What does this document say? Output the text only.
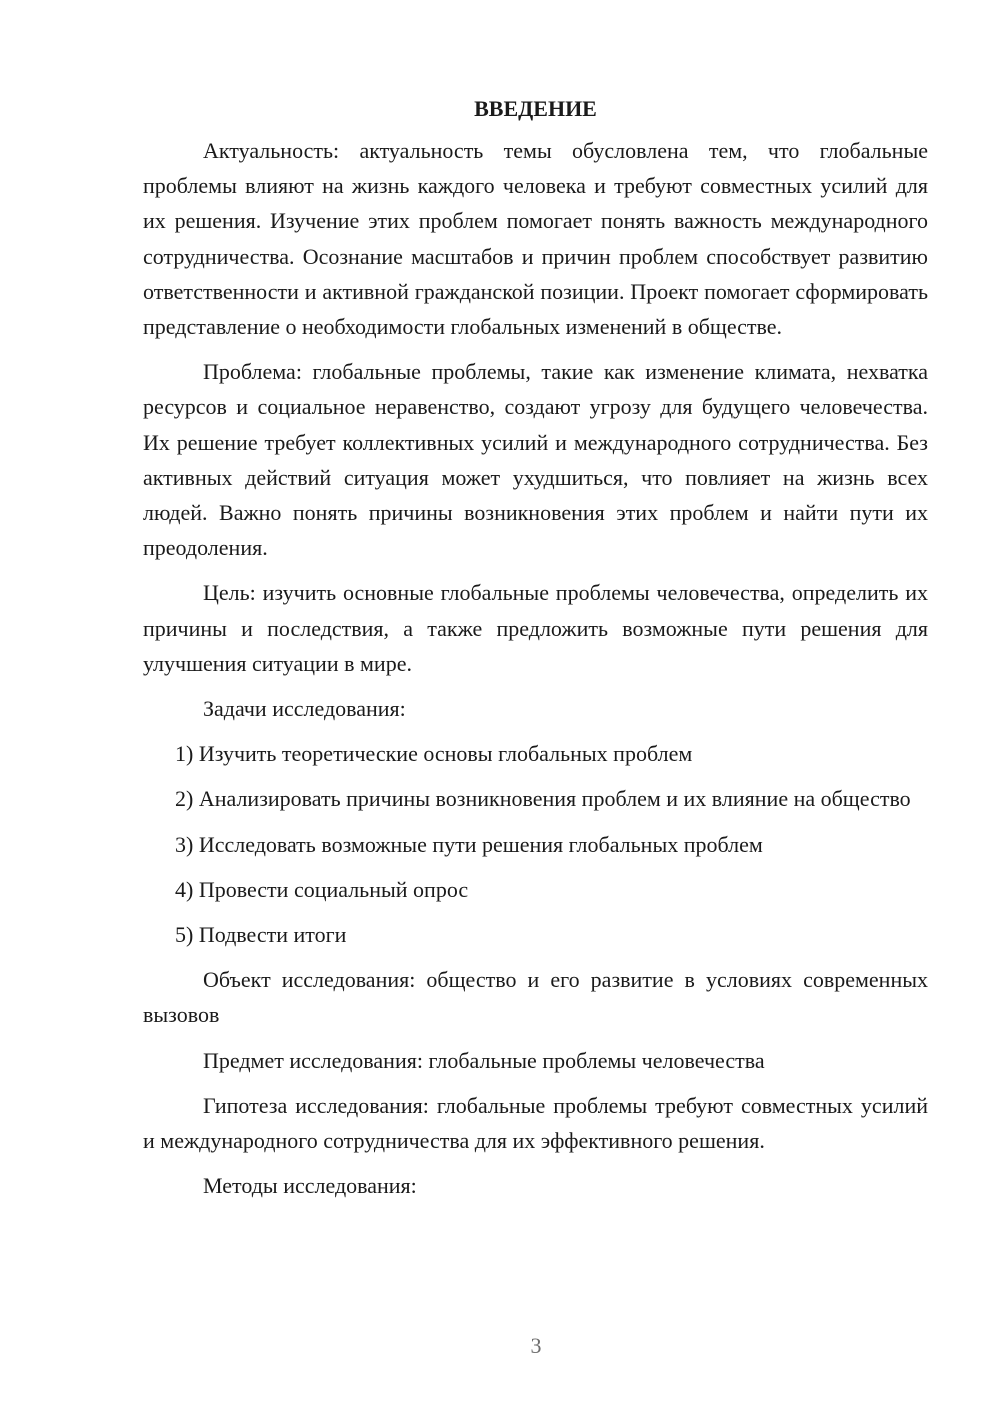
ВВЕДЕНИЕ

Актуальность: актуальность темы обусловлена тем, что глобальные проблемы влияют на жизнь каждого человека и требуют совместных усилий для их решения. Изучение этих проблем помогает понять важность международного сотрудничества. Осознание масштабов и причин проблем способствует развитию ответственности и активной гражданской позиции. Проект помогает сформировать представление о необходимости глобальных изменений в обществе.

Проблема: глобальные проблемы, такие как изменение климата, нехватка ресурсов и социальное неравенство, создают угрозу для будущего человечества. Их решение требует коллективных усилий и международного сотрудничества. Без активных действий ситуация может ухудшиться, что повлияет на жизнь всех людей. Важно понять причины возникновения этих проблем и найти пути их преодоления.

Цель: изучить основные глобальные проблемы человечества, определить их причины и последствия, а также предложить возможные пути решения для улучшения ситуации в мире.

Задачи исследования:

1) Изучить теоретические основы глобальных проблем

2) Анализировать причины возникновения проблем и их влияние на общество

3) Исследовать возможные пути решения глобальных проблем

4) Провести социальный опрос

5) Подвести итоги

Объект исследования: общество и его развитие в условиях современных вызовов

Предмет исследования: глобальные проблемы человечества

Гипотеза исследования: глобальные проблемы требуют совместных усилий и международного сотрудничества для их эффективного решения.

Методы исследования:

3
